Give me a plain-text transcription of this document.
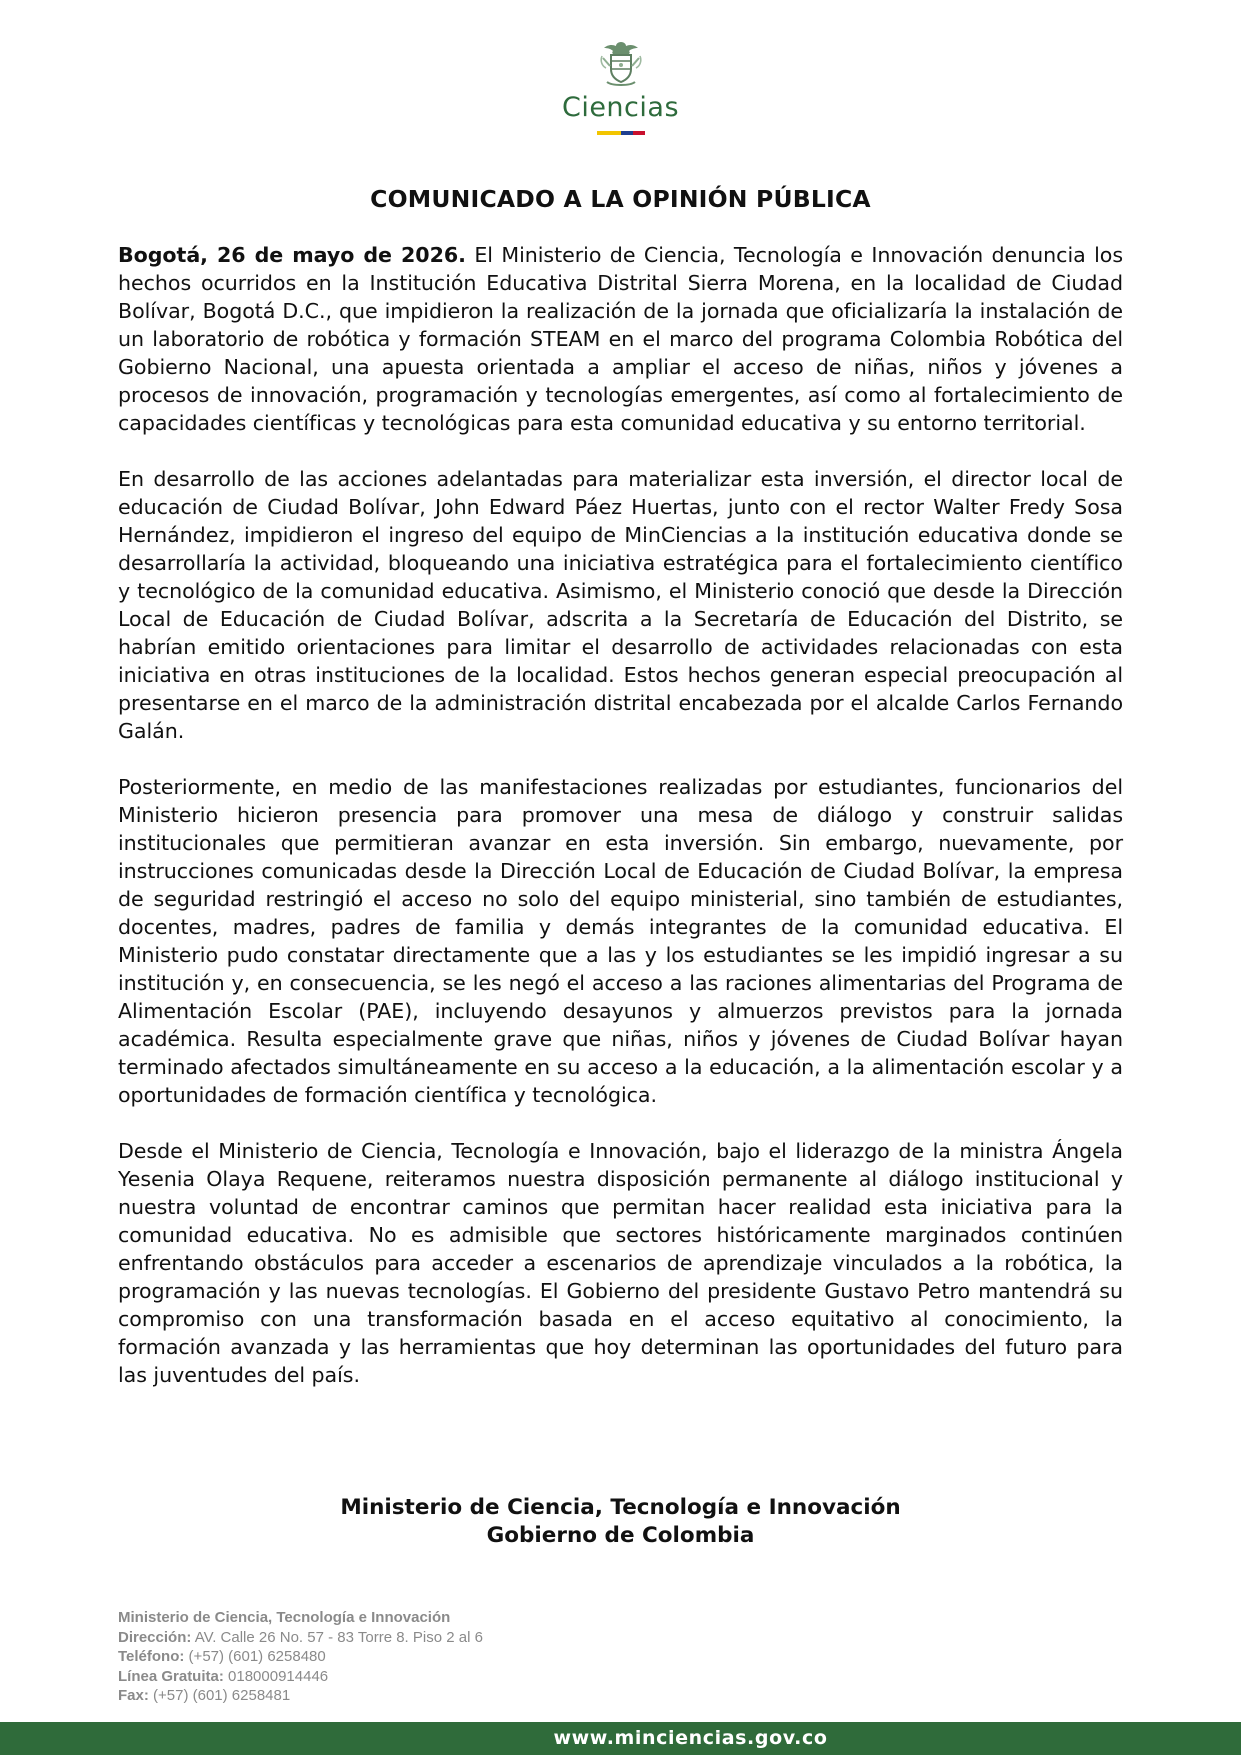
Ciencias
COMUNICADO A LA OPINIÓN PÚBLICA

Bogotá, 26 de mayo de 2026. El Ministerio de Ciencia, Tecnología e Innovación denuncia los hechos ocurridos en la Institución Educativa Distrital Sierra Morena, en la localidad de Ciudad Bolívar, Bogotá D.C., que impidieron la realización de la jornada que oficializaría la instalación de un laboratorio de robótica y formación STEAM en el marco del programa Colombia Robótica del Gobierno Nacional, una apuesta orientada a ampliar el acceso de niñas, niños y jóvenes a procesos de innovación, programación y tecnologías emergentes, así como al fortalecimiento de capacidades científicas y tecnológicas para esta comunidad educativa y su entorno territorial.

En desarrollo de las acciones adelantadas para materializar esta inversión, el director local de educación de Ciudad Bolívar, John Edward Páez Huertas, junto con el rector Walter Fredy Sosa Hernández, impidieron el ingreso del equipo de MinCiencias a la institución educativa donde se desarrollaría la actividad, bloqueando una iniciativa estratégica para el fortalecimiento científico y tecnológico de la comunidad educativa. Asimismo, el Ministerio conoció que desde la Dirección Local de Educación de Ciudad Bolívar, adscrita a la Secretaría de Educación del Distrito, se habrían emitido orientaciones para limitar el desarrollo de actividades relacionadas con esta iniciativa en otras instituciones de la localidad. Estos hechos generan especial preocupación al presentarse en el marco de la administración distrital encabezada por el alcalde Carlos Fernando Galán.

Posteriormente, en medio de las manifestaciones realizadas por estudiantes, funcionarios del Ministerio hicieron presencia para promover una mesa de diálogo y construir salidas institucionales que permitieran avanzar en esta inversión. Sin embargo, nuevamente, por instrucciones comunicadas desde la Dirección Local de Educación de Ciudad Bolívar, la empresa de seguridad restringió el acceso no solo del equipo ministerial, sino también de estudiantes, docentes, madres, padres de familia y demás integrantes de la comunidad educativa. El Ministerio pudo constatar directamente que a las y los estudiantes se les impidió ingresar a su institución y, en consecuencia, se les negó el acceso a las raciones alimentarias del Programa de Alimentación Escolar (PAE), incluyendo desayunos y almuerzos previstos para la jornada académica. Resulta especialmente grave que niñas, niños y jóvenes de Ciudad Bolívar hayan terminado afectados simultáneamente en su acceso a la educación, a la alimentación escolar y a oportunidades de formación científica y tecnológica.

Desde el Ministerio de Ciencia, Tecnología e Innovación, bajo el liderazgo de la ministra Ángela Yesenia Olaya Requene, reiteramos nuestra disposición permanente al diálogo institucional y nuestra voluntad de encontrar caminos que permitan hacer realidad esta iniciativa para la comunidad educativa. No es admisible que sectores históricamente marginados continúen enfrentando obstáculos para acceder a escenarios de aprendizaje vinculados a la robótica, la programación y las nuevas tecnologías. El Gobierno del presidente Gustavo Petro mantendrá su compromiso con una transformación basada en el acceso equitativo al conocimiento, la formación avanzada y las herramientas que hoy determinan las oportunidades del futuro para las juventudes del país.

Ministerio de Ciencia, Tecnología e Innovación
Gobierno de Colombia
Ministerio de Ciencia, Tecnología e Innovación
Dirección: AV. Calle 26 No. 57 - 83 Torre 8. Piso 2 al 6
Teléfono: (+57) (601) 6258480
Línea Gratuita: 018000914446
Fax: (+57) (601) 6258481
www.minciencias.gov.co
